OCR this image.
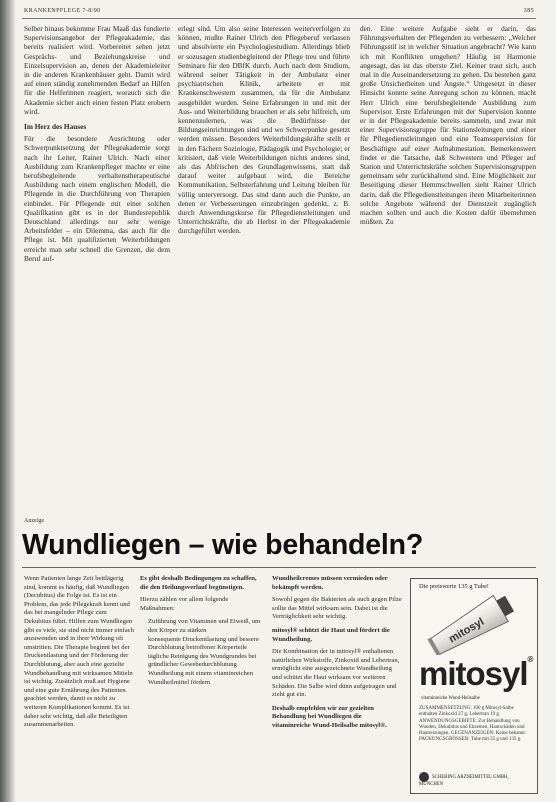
KRANKENPFLEGE 7-8/90	385

Selber hinaus bekomme Frau Maaß das fundierte Supervisionsangebot der Pflegeakademie, das bereits realisiert wird. Vorbereitet sehen jetzt Gesprächs- und Beziehungskreise und Einzelsupervision an, denen der Akademieleiter in die anderen Krankenhäuser geht. Damit wird auf einen ständig zunehmenden Bedarf an Hilfen für die Helferinnen reagiert, worauch sich die Akademie sicher auch einen festen Platz erobern wird.

Im Herz des Hauses

Für die besondere Ausrichtung oder Schwerpunktsetzung der Pflegeakademie sorgt nach ihr Leiter, Rainer Ulrich. Nach einer Ausbildung zum Krankenpfleger machte er eine berufsbegleitende verhaltenstherapeutische Ausbildung nach einem englischen Modell, die Pflegende in die Durchführung von Therapien einbindet. Für Pflegende mit einer solchen Qualifikation gibt es in der Bundesrepublik Deutschland allerdings nur sehr wenige Arbeitsfelder – ein Dilemma, das auch für die Pflege ist. Mit qualifizierten Weiterbildungen erreicht man sehr schnell die Grenzen, die dem Beruf auf-

erlegt sind. Um also seine Interessen weiterverfolgen zu können, mußte Rainer Ulrich den Pflegeberuf verlassen und absolvierte ein Psychologiestudium. Allerdings blieb er sozusagen studienbegleitend der Pflege treu und führte Seminare für den DBfK durch. Auch nach dem Studium, während seiner Tätigkeit in der Ambulanz einer psychiatrischen Klinik, arbeitete er mit Krankenschwestern zusammen, da für die Ambulanz ausgebildet wurden. Seine Erfahrungen in und mit der Aus- und Weiterbildung brauchen er als sehr hilfreich, um kennenzulernen, was die Bedürfnisse der Bildungseinrichtungen sind und wo Schwerpunkte gesetzt werden müssen. Besonders Weiterbildungskräfte stellt er in den Fächern Soziologie, Pädagogik und Psychologie; er kritisiert, daß viele Weiterbildungen nichts anderes sind, als das Abfrischen des Grundlagenwissens, statt daß darauf weiter aufgebaut wird, die Bereiche Kommunikation, Selbsterfahrung und Leitung bleiben für völlig unterversorgt. Das sind dann auch die Punkte, an denen er Verbesserungen einzubringen gedenkt, z. B. durch Anwendungskurse für Pflegedienstleitungen und Unterrichtskräfte, die ab Herbst in der Pflegeakademie durchgeführt werden.

den. Eine weitere Aufgabe sieht er darin, das Führungsverhalten der Pflegenden zu verbessern: „Welcher Führungsstil ist in welcher Situation angebracht? Wie kann ich mit Konflikten umgehen? Häufig ist Harmonie angesagt, das ist das oberste Ziel. Keiner traut sich, auch mal in die Auseinandersetzung zu gehen. Da bestehen ganz große Unsicherheiten und Ängste.“ Umgesetzt in dieser Hinsicht konnte seine Anregung schon zu können, macht Herr Ulrich eine berufsbegleitende Ausbildung zum Supervisor. Erste Erfahrungen mit der Supervision konnte er in der Pflegeakademie bereits sammeln, und zwar mit einer Supervisionsgruppe für Stationsleitungen und einer für Pflegedienstleitungen und eine Teamsupervision für Beschäftigte auf einer Aufnahmestation. Bemerkenswert findet er die Tatsache, daß Schwestern und Pfleger auf Station und Unterrichtskräfte solchen Supervisionsgruppen gemeinsam sehr zurückhaltend sind. Eine Möglichkeit zur Beseitigung dieser Hemmschwellen sieht Rainer Ulrich darin, daß die Pflegedienstleitungen ihren Mitarbeiterinnen solche Angebote während der Dienstzeit zugänglich machen sollten und auch die Kosten dafür übernehmen müßten. Zu

Anzeige
Wundliegen – wie behandeln?

Wenn Patienten lange Zeit bettlägerig sind, kommt es häufig, daß Wundliegen (Decubitus) die Folge ist. Es ist ein Problem, das jede Pflegekraft kennt und das bei mangelnder Pflege zum Dekubitus führt. Hilfen zum Wundliegen gibt es viele, sie sind nicht immer einfach anzuwenden und in ihrer Wirkung oft umstritten. Die Therapie beginnt bei der Druckentlastung und der Förderung der Durchblutung, aber auch eine gezielte Wundbehandlung mit wirksamen Mitteln ist wichtig. Zusätzlich muß auf Hygiene und eine gute Ernährung des Patienten geachtet werden, damit es nicht zu weiteren Komplikationen kommt. Es ist daher sehr wichtig, daß alle Beteiligten zusammenarbeiten.

Es gibt deshalb Bedingungen zu schaffen, die den Heilungsverlauf begünstigen.

Hierzu zählen vor allem folgende Maßnahmen:

• Zuführung von Vitaminen und Eiweiß, um den Körper zu stärken
• konsequente Druckentlastung und bessere Durchblutung betroffener Körperteile
• tägliche Reinigung des Wundgrundes bei gründlicher Gewebedurchblutung
• Wundheilung mit einem vitaminreichen Wundheilmittel fördern

Wundheilcremes müssen vermieden oder bekämpft werden.

Sowohl gegen die Bakterien als auch gegen Pilze sollte das Mittel wirksam sein. Dabei ist die Verträglichkeit sehr wichtig.

mitosyl® schützt die Haut und fördert die Wundheilung.

Die Kombination der in mitosyl® enthaltenen natürlichen Wirkstoffe, Zinkoxid und Lebertran, ermöglicht eine ausgezeichnete Wundheilung und schützt die Haut wirksam vor weiteren Schäden. Die Salbe wird dünn aufgetragen und zieht gut ein.

Deshalb empfehlen wir zur gezielten Behandlung bei Wundliegen die vitaminreiche Wund-Heilsalbe mitosyl®.

Die preiswerte 135 g Tube!
mitosyl
mitosyl®
vitaminreiche Wund-Heilsalbe
ZUSAMMENSETZUNG: 100 g Mitosyl-Salbe enthalten Zinkoxid 27 g, Lebertran 19 g. ANWENDUNGSGEBIETE: Zur Behandlung von Wunden, Dekubitus und Ekzemen, Hautschäden und Hautreizungen. GEGENANZEIGEN: Keine bekannt. PACKUNGSGRÖSSEN: Tube mit 35 g und 135 g.
SCHERING ARZNEIMITTEL GMBH, MÜNCHEN
